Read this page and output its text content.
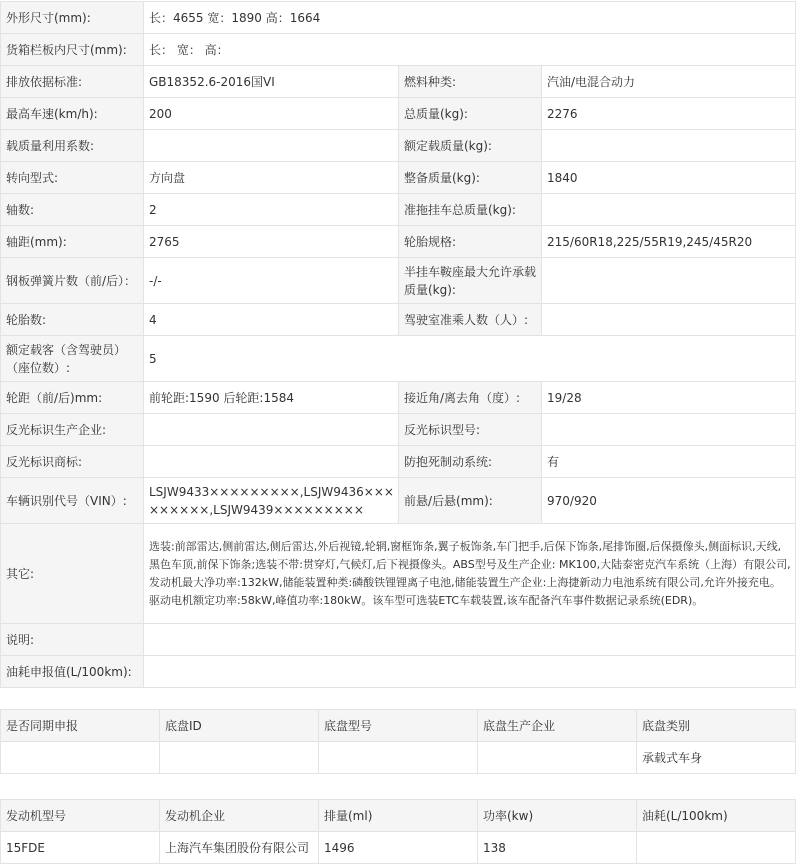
外形尺寸(mm):	长：4655 宽：1890 高：1664		
货箱栏板内尺寸(mm):	长： 宽： 高：		
排放依据标准:	GB18352.6-2016国VI	燃料种类:	汽油/电混合动力
最高车速(km/h):	200	总质量(kg):	2276
载质量利用系数:		额定载质量(kg):	
转向型式:	方向盘	整备质量(kg):	1840
轴数:	2	准拖挂车总质量(kg):	
轴距(mm):	2765	轮胎规格:	215/60R18,225/55R19,245/45R20
钢板弹簧片数（前/后）：	-/-	半挂车鞍座最大允许承载质量(kg):	
轮胎数:	4	驾驶室准乘人数（人）:	
额定载客（含驾驶员）（座位数）:	5		
轮距（前/后)mm:	前轮距:1590 后轮距:1584	接近角/离去角（度）:	19/28
反光标识生产企业:		反光标识型号:	
反光标识商标:		防抱死制动系统:	有
车辆识别代号（VIN）:	LSJW9433×××××××××,LSJW9436×××××××××,LSJW9439×××××××××	前悬/后悬(mm):	970/920
其它:	选装:前部雷达,侧前雷达,侧后雷达,外后视镜,轮辋,窗框饰条,翼子板饰条,车门把手,后保下饰条,尾排饰圈,后保摄像头,侧面标识,天线,黑色车顶,前保下饰条;选装不带:贯穿灯,气候灯,后下视摄像头。ABS型号及生产企业: MK100,大陆泰密克汽车系统（上海）有限公司,发动机最大净功率:132kW,储能装置种类:磷酸铁锂锂离子电池,储能装置生产企业:上海捷新动力电池系统有限公司,允许外接充电。驱动电机额定功率:58kW,峰值功率:180kW。该车型可选装ETC车载装置,该车配备汽车事件数据记录系统(EDR)。		
说明:			
油耗申报值(L/100km):			
是否同期申报	底盘ID	底盘型号	底盘生产企业	底盘类别
				承载式车身
发动机型号	发动机企业	排量(ml)	功率(kw)	油耗(L/100km)
15FDE	上海汽车集团股份有限公司	1496	138	
